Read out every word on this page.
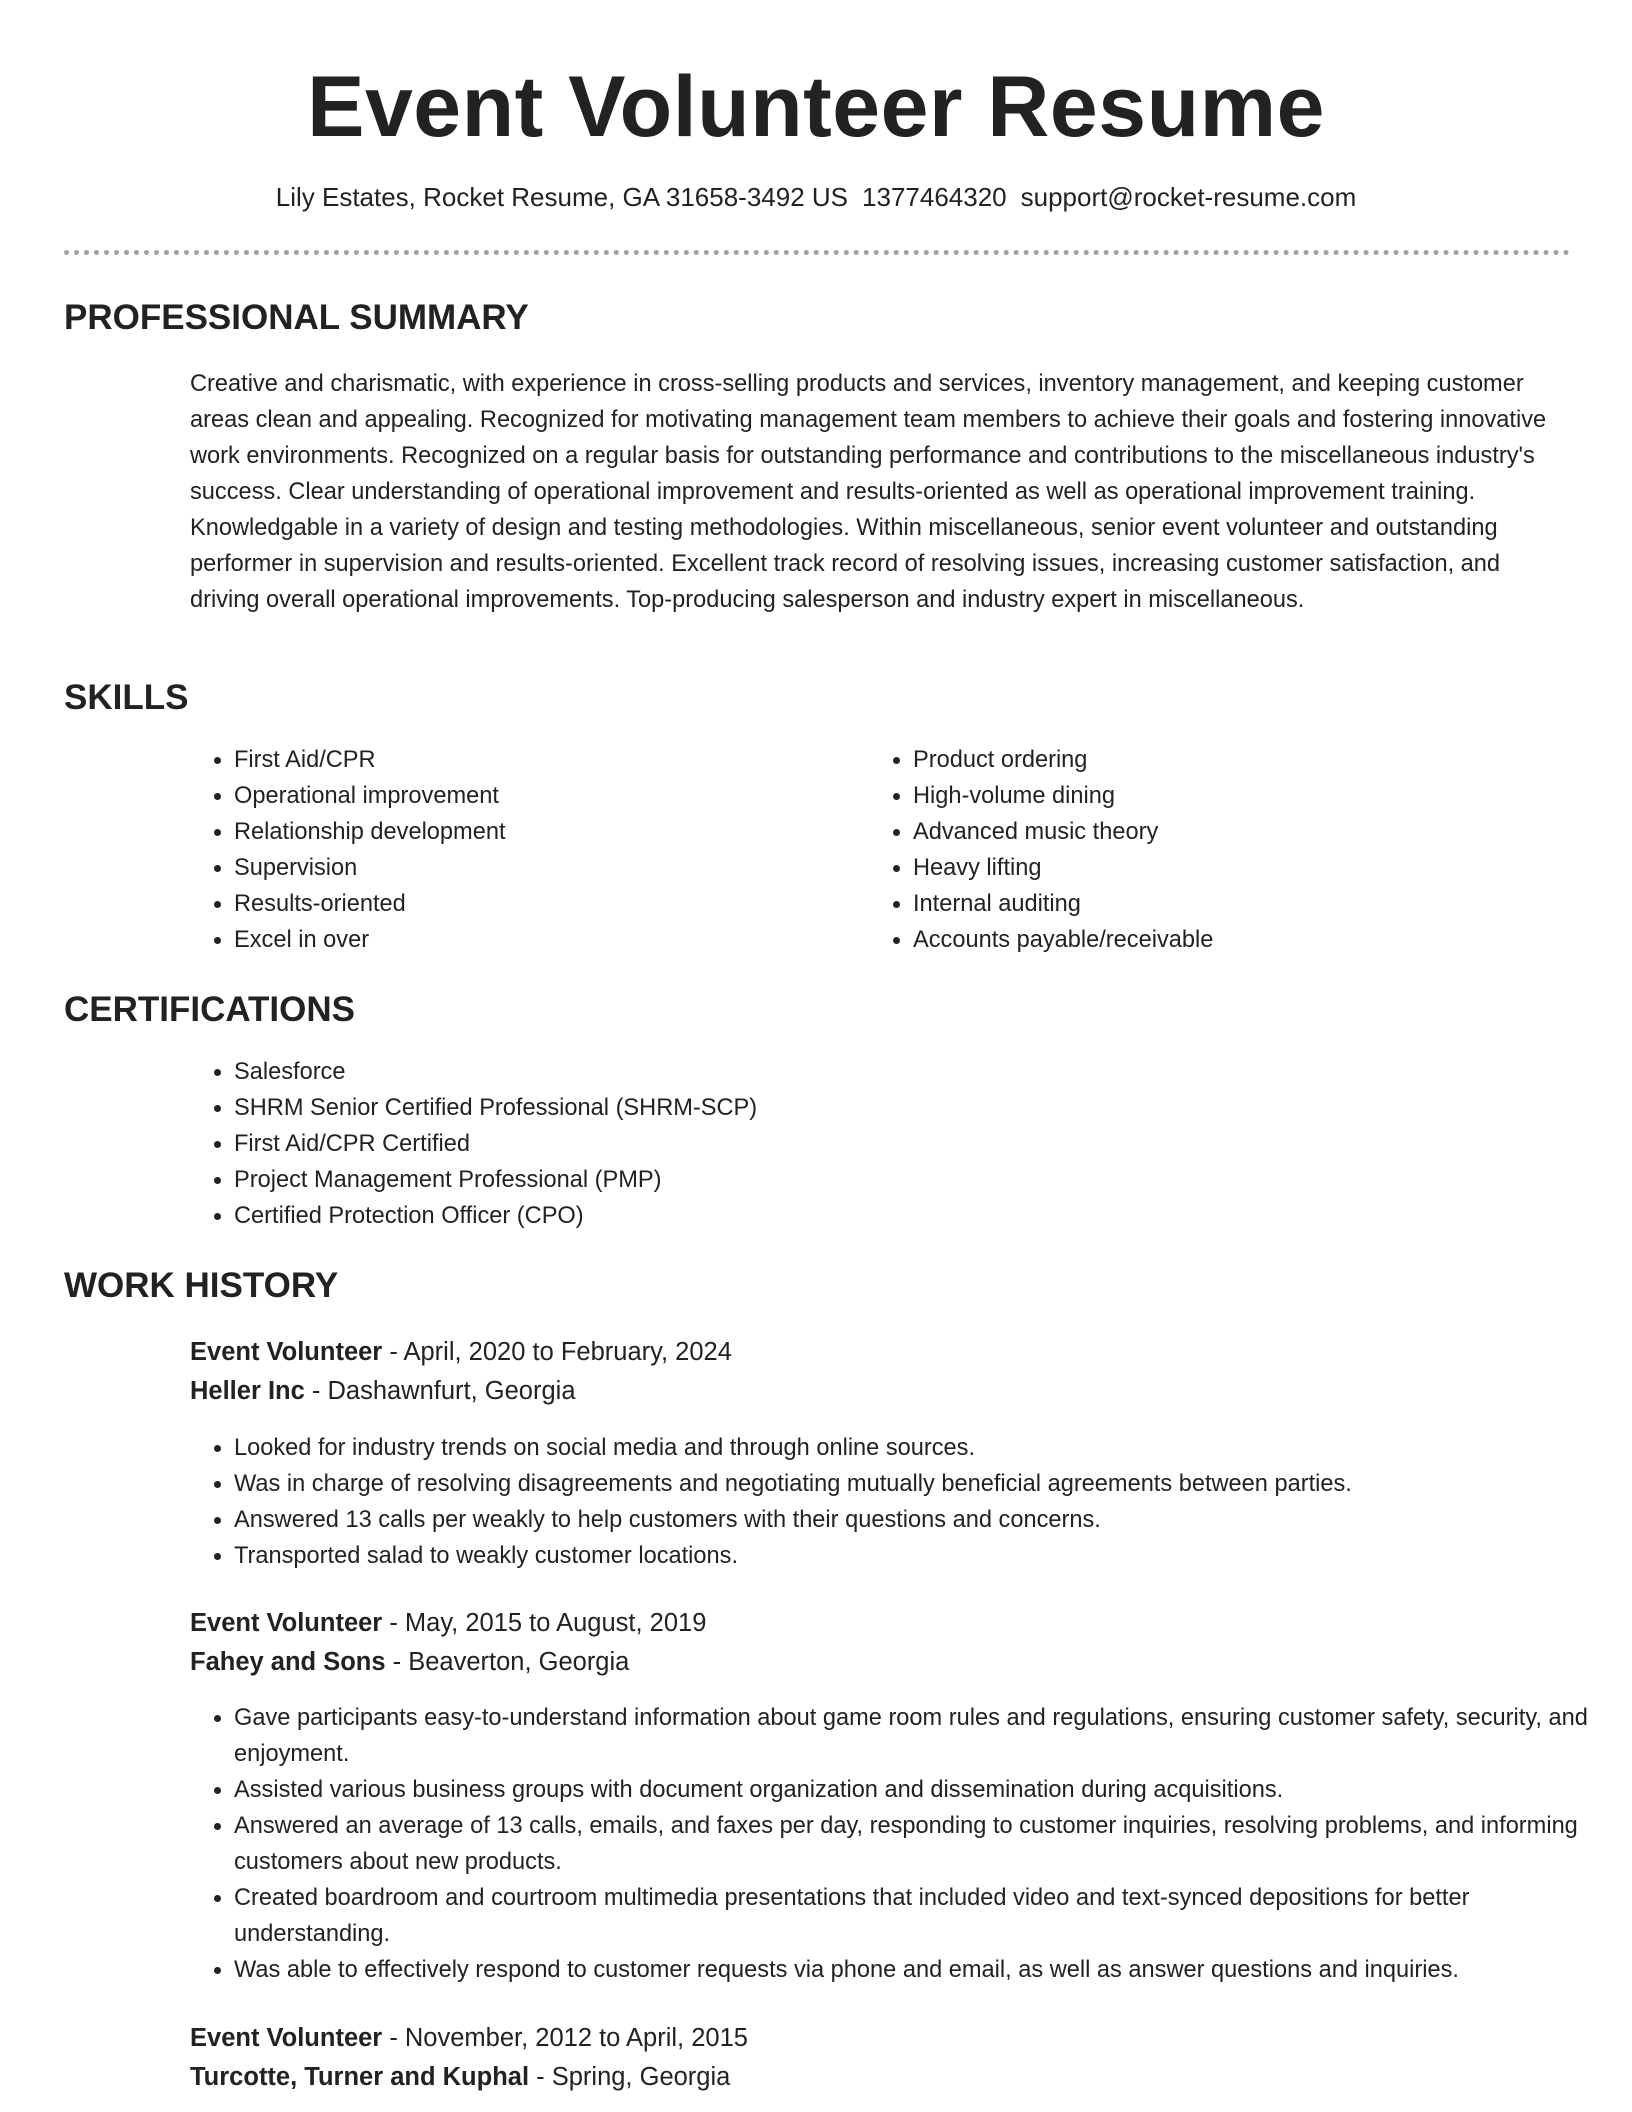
Event Volunteer Resume
Lily Estates, Rocket Resume, GA 31658-3492 US 1377464320 support@rocket-resume.com
PROFESSIONAL SUMMARY
Creative and charismatic, with experience in cross-selling products and services, inventory management, and keeping customer areas clean and appealing. Recognized for motivating management team members to achieve their goals and fostering innovative work environments. Recognized on a regular basis for outstanding performance and contributions to the miscellaneous industry's success. Clear understanding of operational improvement and results-oriented as well as operational improvement training. Knowledgable in a variety of design and testing methodologies. Within miscellaneous, senior event volunteer and outstanding performer in supervision and results-oriented. Excellent track record of resolving issues, increasing customer satisfaction, and driving overall operational improvements. Top-producing salesperson and industry expert in miscellaneous.
SKILLS
• First Aid/CPR
• Operational improvement
• Relationship development
• Supervision
• Results-oriented
• Excel in over
• Product ordering
• High-volume dining
• Advanced music theory
• Heavy lifting
• Internal auditing
• Accounts payable/receivable
CERTIFICATIONS
• Salesforce
• SHRM Senior Certified Professional (SHRM-SCP)
• First Aid/CPR Certified
• Project Management Professional (PMP)
• Certified Protection Officer (CPO)
WORK HISTORY
Event Volunteer - April, 2020 to February, 2024
Heller Inc - Dashawnfurt, Georgia
• Looked for industry trends on social media and through online sources.
• Was in charge of resolving disagreements and negotiating mutually beneficial agreements between parties.
• Answered 13 calls per weakly to help customers with their questions and concerns.
• Transported salad to weakly customer locations.
Event Volunteer - May, 2015 to August, 2019
Fahey and Sons - Beaverton, Georgia
• Gave participants easy-to-understand information about game room rules and regulations, ensuring customer safety, security, and enjoyment.
• Assisted various business groups with document organization and dissemination during acquisitions.
• Answered an average of 13 calls, emails, and faxes per day, responding to customer inquiries, resolving problems, and informing customers about new products.
• Created boardroom and courtroom multimedia presentations that included video and text-synced depositions for better understanding.
• Was able to effectively respond to customer requests via phone and email, as well as answer questions and inquiries.
Event Volunteer - November, 2012 to April, 2015
Turcotte, Turner and Kuphal - Spring, Georgia
